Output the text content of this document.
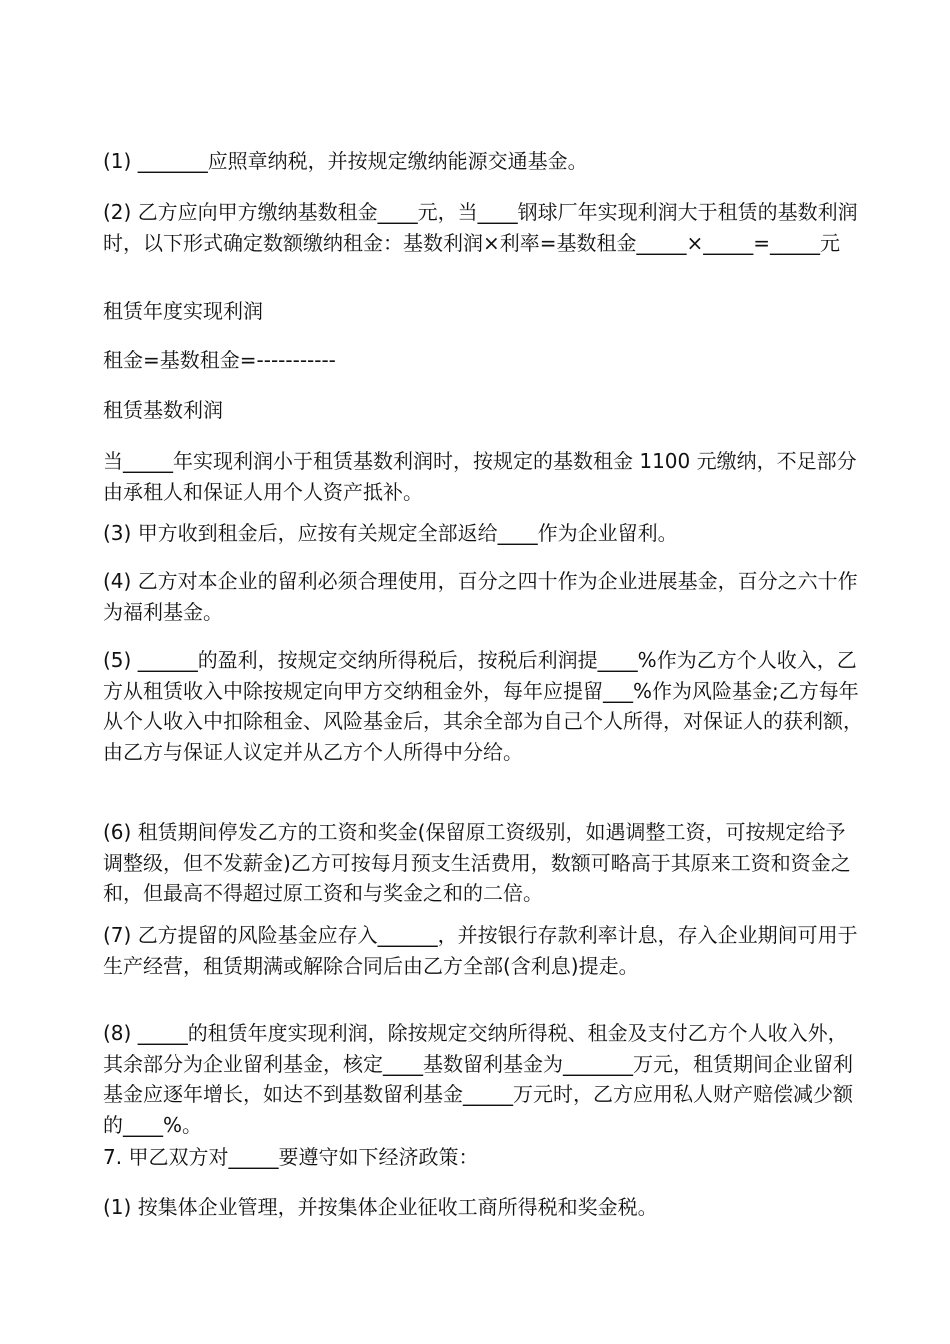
(1) _______应照章纳税，并按规定缴纳能源交通基金。

(2) 乙方应向甲方缴纳基数租金____元，当____钢球厂年实现利润大于租赁的基数利润时，以下形式确定数额缴纳租金：基数利润×利率=基数租金_____×_____=_____元

租赁年度实现利润

租金=基数租金=-----------

租赁基数利润

当_____年实现利润小于租赁基数利润时，按规定的基数租金 1100 元缴纳，不足部分由承租人和保证人用个人资产抵补。

(3) 甲方收到租金后，应按有关规定全部返给____作为企业留利。

(4) 乙方对本企业的留利必须合理使用，百分之四十作为企业进展基金，百分之六十作为福利基金。

(5) ______的盈利，按规定交纳所得税后，按税后利润提____%作为乙方个人收入，乙方从租赁收入中除按规定向甲方交纳租金外，每年应提留___%作为风险基金;乙方每年从个人收入中扣除租金、风险基金后，其余全部为自己个人所得，对保证人的获利额，由乙方与保证人议定并从乙方个人所得中分给。

(6) 租赁期间停发乙方的工资和奖金(保留原工资级别，如遇调整工资，可按规定给予调整级，但不发薪金)乙方可按每月预支生活费用，数额可略高于其原来工资和资金之和，但最高不得超过原工资和与奖金之和的二倍。

(7) 乙方提留的风险基金应存入______，并按银行存款利率计息，存入企业期间可用于生产经营，租赁期满或解除合同后由乙方全部(含利息)提走。

(8) _____的租赁年度实现利润，除按规定交纳所得税、租金及支付乙方个人收入外，其余部分为企业留利基金，核定____基数留利基金为_______万元，租赁期间企业留利基金应逐年增长，如达不到基数留利基金_____万元时，乙方应用私人财产赔偿减少额的____%。

7. 甲乙双方对_____要遵守如下经济政策：

(1) 按集体企业管理，并按集体企业征收工商所得税和奖金税。
